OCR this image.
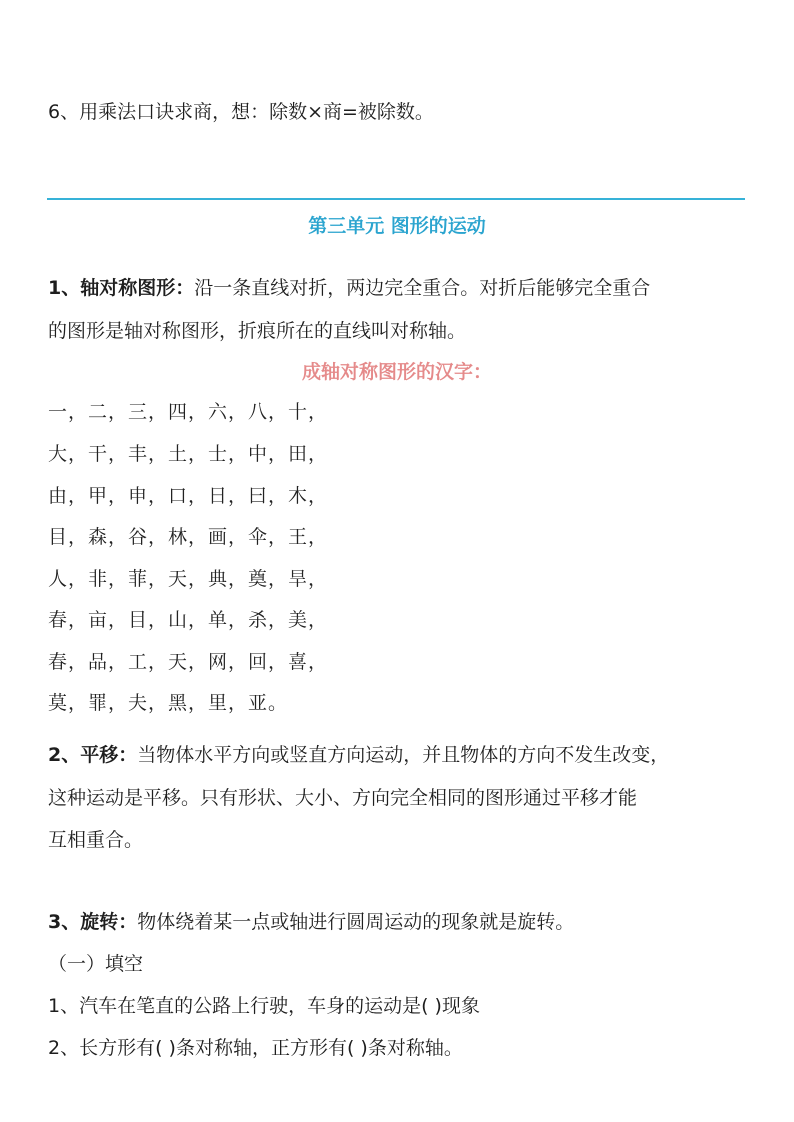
6、用乘法口诀求商，想：除数×商=被除数。
第三单元 图形的运动
1、轴对称图形：沿一条直线对折，两边完全重合。对折后能够完全重合
的图形是轴对称图形，折痕所在的直线叫对称轴。
成轴对称图形的汉字：
一，二，三，四，六，八，十，
大，干，丰，土，士，中，田，
由，甲，申，口，日，曰，木，
目，森，谷，林，画，伞，王，
人，非，菲，天，典，奠，旱，
春，亩，目，山，单，杀，美，
春，品，工，天，网，回，喜，
莫，罪，夫，黑，里，亚。
2、平移：当物体水平方向或竖直方向运动，并且物体的方向不发生改变，
这种运动是平移。只有形状、大小、方向完全相同的图形通过平移才能
互相重合。
3、旋转：物体绕着某一点或轴进行圆周运动的现象就是旋转。
（一）填空
1、汽车在笔直的公路上行驶，车身的运动是( )现象
2、长方形有( )条对称轴，正方形有( )条对称轴。
